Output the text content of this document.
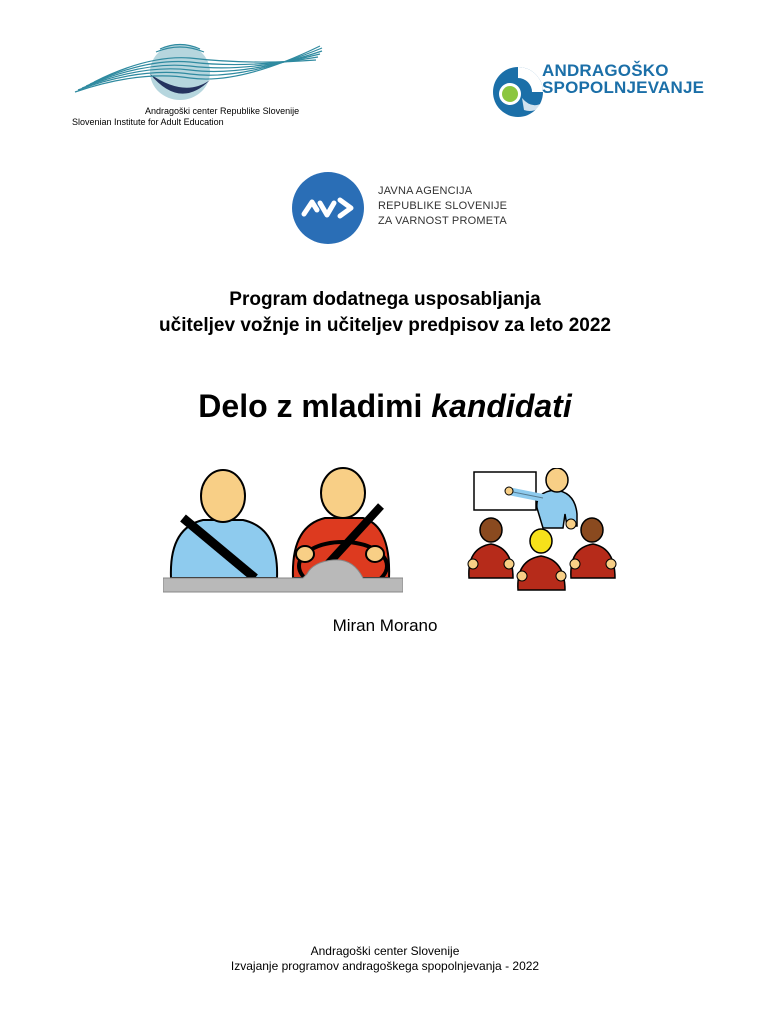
Andragoški center Republike Slovenije
Slovenian Institute for Adult Education
ANDRAGOŠKO
SPOPOLNJEVANJE
JAVNA AGENCIJA
REPUBLIKE SLOVENIJE
ZA VARNOST PROMETA
Program dodatnega usposabljanja
učiteljev vožnje in učiteljev predpisov za leto 2022
Delo z mladimi kandidati
Miran Morano
Andragoški center Slovenije
Izvajanje programov andragoškega spopolnjevanja - 2022
